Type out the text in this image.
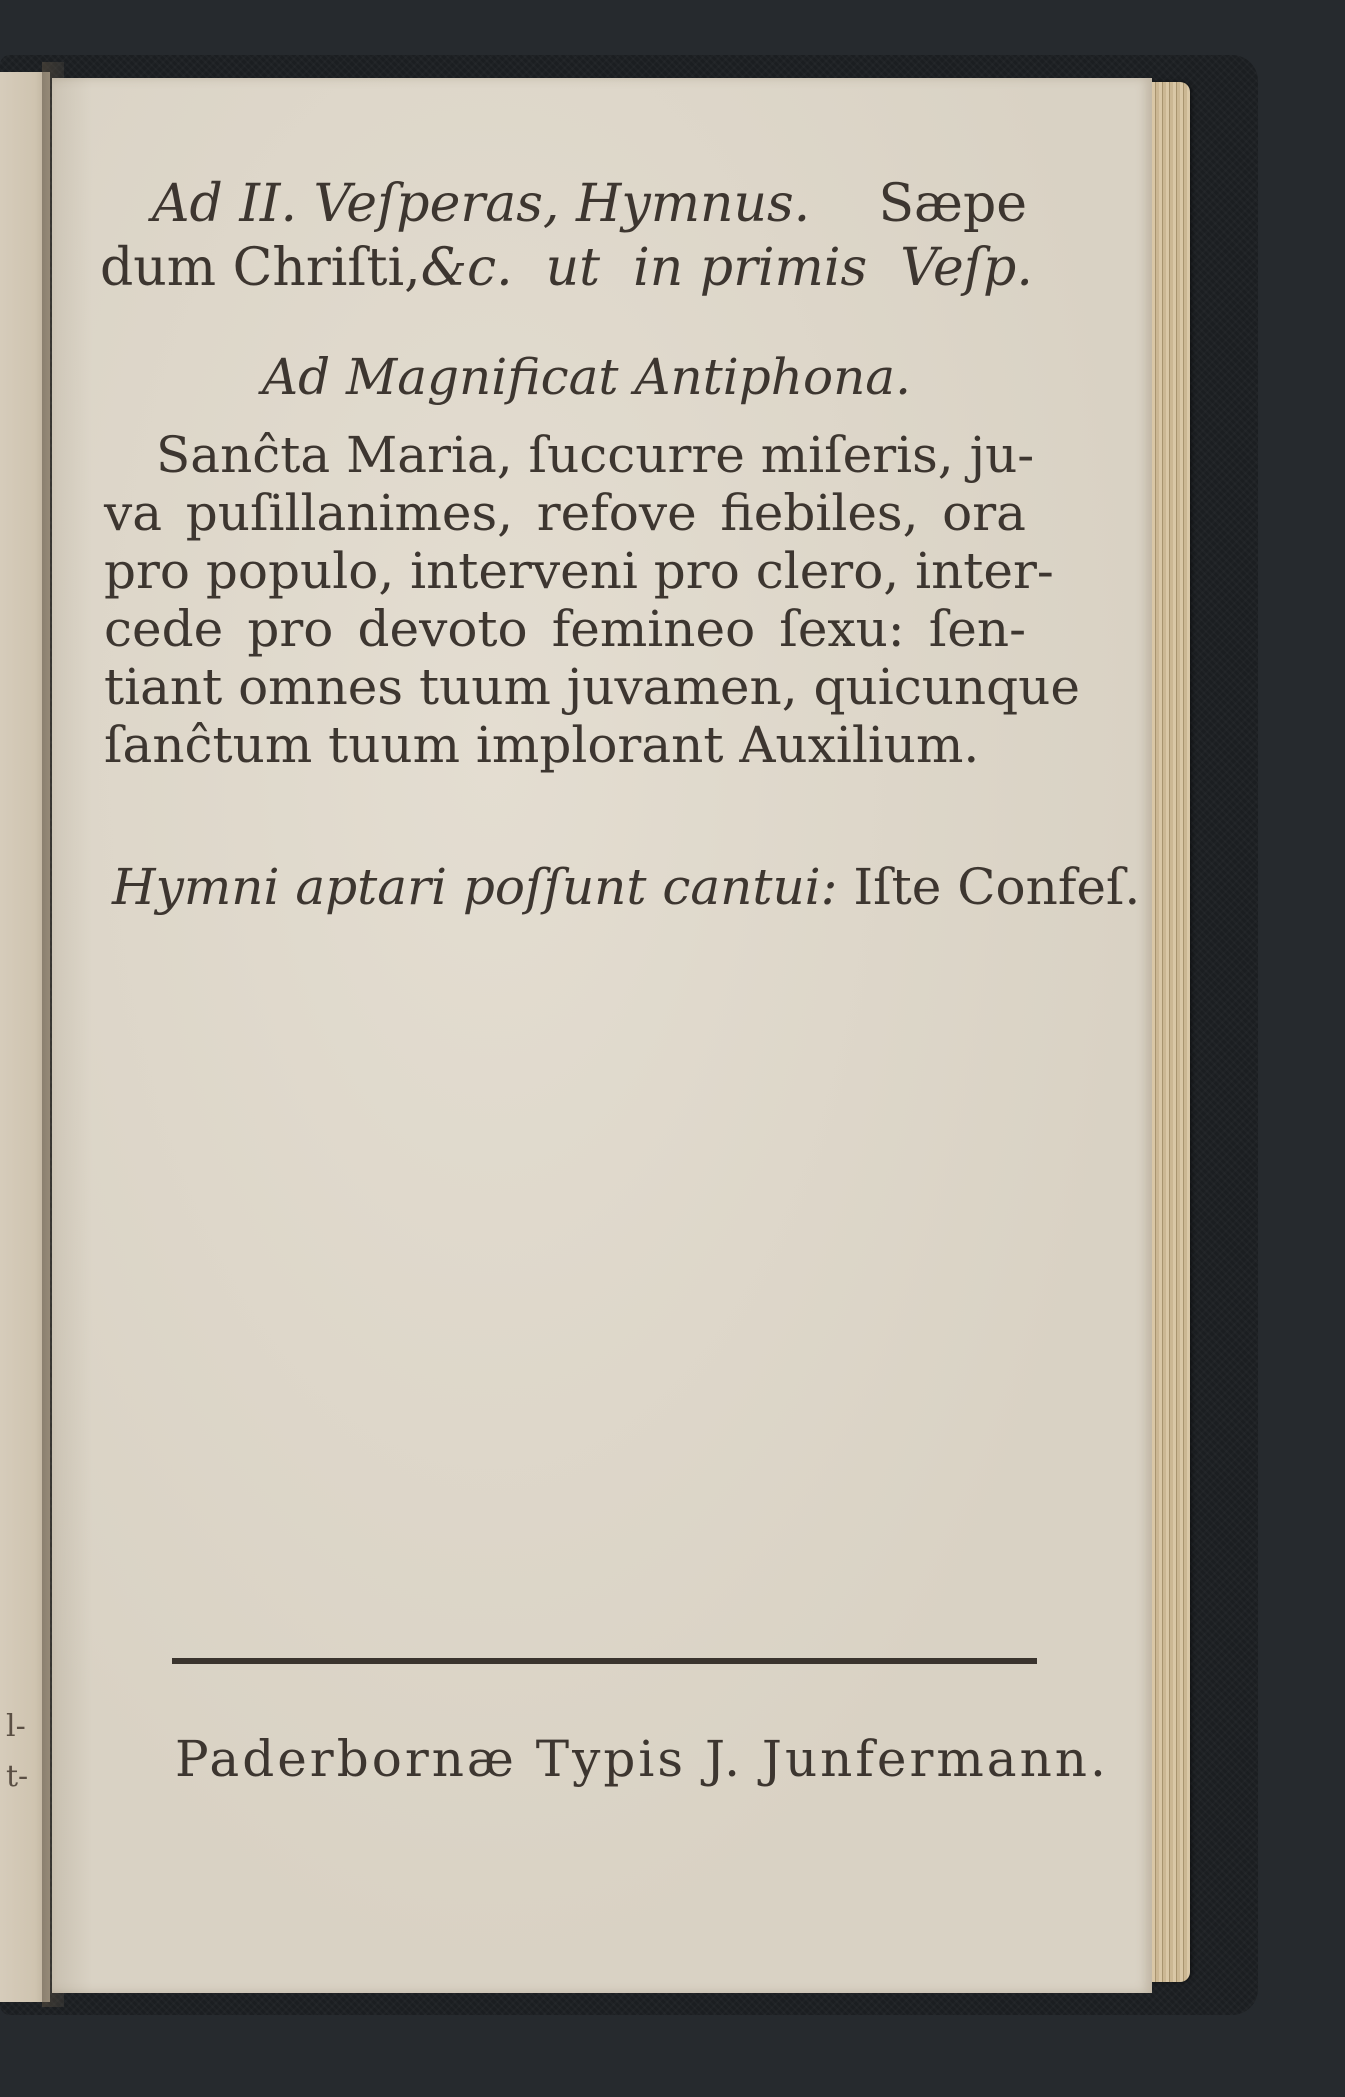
l-
t-
Ad II. Veſperas, Hymnus. Sæpe
dum Chriſti, &c.  ut  in primis  Veſp.
Ad Magnificat Antiphona.
Sanĉta Maria, ſuccurre miſeris, ju-
va puſillanimes, refove fiebiles, ora
pro populo, interveni pro clero, inter-
cede pro devoto femineo ſexu: ſen-
tiant omnes tuum juvamen, quicunque
ſanĉtum tuum implorant Auxilium.
Hymni aptari poſſunt cantui: Iſte Confeſ.
Paderbornæ Typis J. Junfermann.
